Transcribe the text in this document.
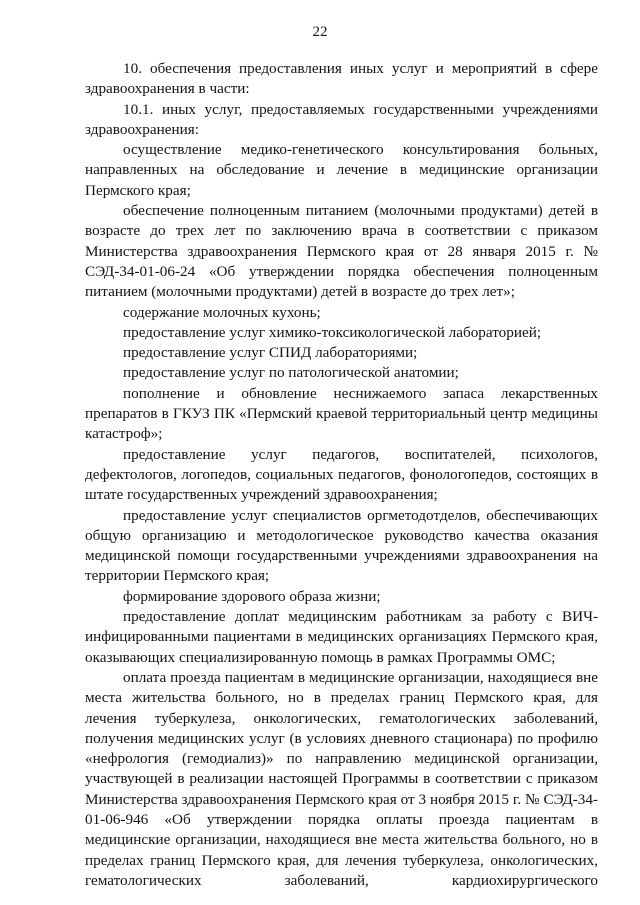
22

10. обеспечения предоставления иных услуг и мероприятий в сфере здравоохранения в части:

10.1. иных услуг, предоставляемых государственными учреждениями здравоохранения:

осуществление медико-генетического консультирования больных, направленных на обследование и лечение в медицинские организации Пермского края;

обеспечение полноценным питанием (молочными продуктами) детей в возрасте до трех лет по заключению врача в соответствии с приказом Министерства здравоохранения Пермского края от 28 января 2015 г. № СЭД-34-01-06-24 «Об утверждении порядка обеспечения полноценным питанием (молочными продуктами) детей в возрасте до трех лет»;

содержание молочных кухонь;

предоставление услуг химико-токсикологической лабораторией;

предоставление услуг СПИД лабораториями;

предоставление услуг по патологической анатомии;

пополнение и обновление неснижаемого запаса лекарственных препаратов в ГКУЗ ПК «Пермский краевой территориальный центр медицины катастроф»;

предоставление услуг педагогов, воспитателей, психологов, дефектологов, логопедов, социальных педагогов, фонологопедов, состоящих в штате государственных учреждений здравоохранения;

предоставление услуг специалистов оргметодотделов, обеспечивающих общую организацию и методологическое руководство качества оказания медицинской помощи государственными учреждениями здравоохранения на территории Пермского края;

формирование здорового образа жизни;

предоставление доплат медицинским работникам за работу с ВИЧ-инфицированными пациентами в медицинских организациях Пермского края, оказывающих специализированную помощь в рамках Программы ОМС;

оплата проезда пациентам в медицинские организации, находящиеся вне места жительства больного, но в пределах границ Пермского края, для лечения туберкулеза, онкологических, гематологических заболеваний, получения медицинских услуг (в условиях дневного стационара) по профилю «нефрология (гемодиализ)» по направлению медицинской организации, участвующей в реализации настоящей Программы в соответствии с приказом Министерства здравоохранения Пермского края от 3 ноября 2015 г. № СЭД-34-01-06-946 «Об утверждении порядка оплаты проезда пациентам в медицинские организации, находящиеся вне места жительства больного, но в пределах границ Пермского края, для лечения туберкулеза, онкологических, гематологических заболеваний, кардиохирургического
